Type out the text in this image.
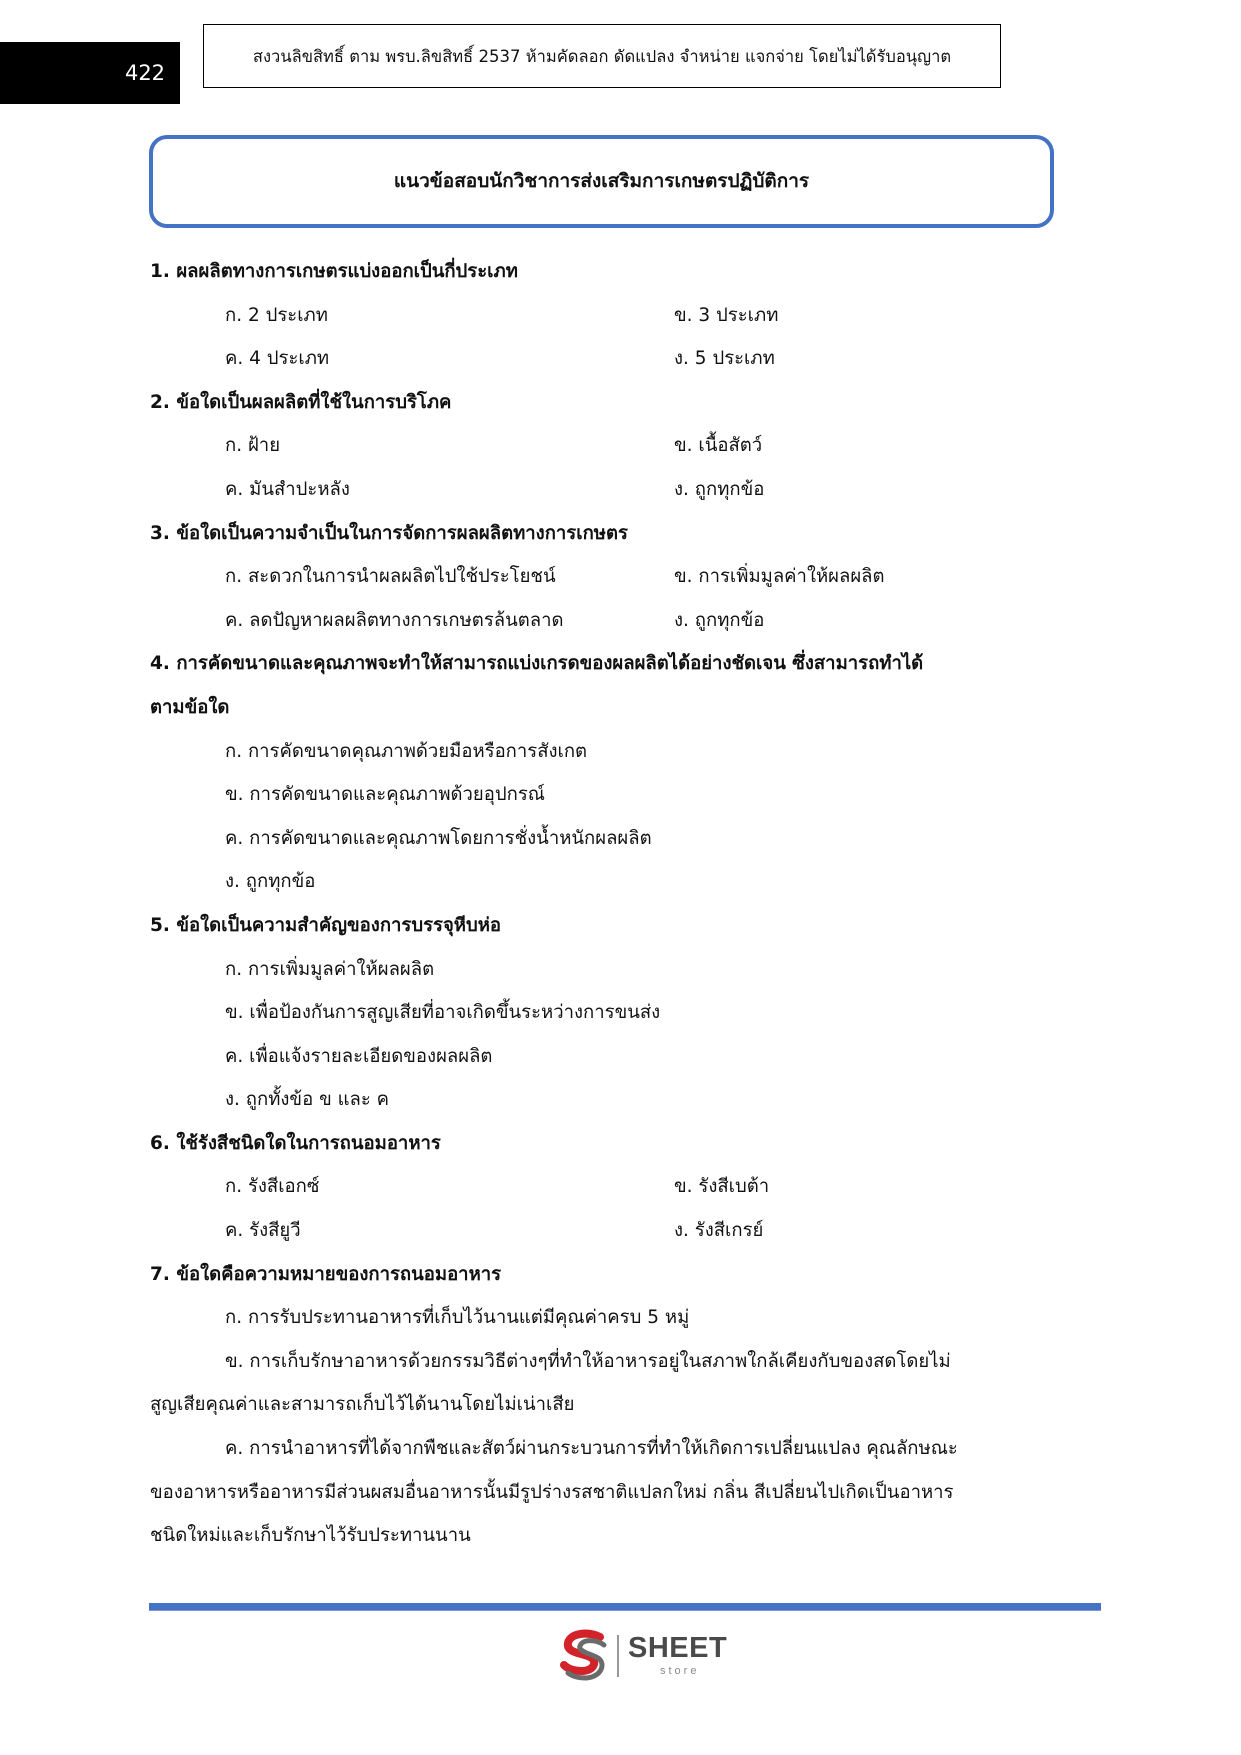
422
สงวนลิขสิทธิ์ ตาม พรบ.ลิขสิทธิ์ 2537 ห้ามคัดลอก ดัดแปลง จำหน่าย แจกจ่าย โดยไม่ได้รับอนุญาต
แนวข้อสอบนักวิชาการส่งเสริมการเกษตรปฏิบัติการ
1. ผลผลิตทางการเกษตรแบ่งออกเป็นกี่ประเภท
ก. 2 ประเภท	ข. 3 ประเภท
ค. 4 ประเภท	ง. 5 ประเภท
2. ข้อใดเป็นผลผลิตที่ใช้ในการบริโภค
ก. ฝ้าย	ข. เนื้อสัตว์
ค. มันสำปะหลัง	ง. ถูกทุกข้อ
3. ข้อใดเป็นความจำเป็นในการจัดการผลผลิตทางการเกษตร
ก. สะดวกในการนำผลผลิตไปใช้ประโยชน์	ข. การเพิ่มมูลค่าให้ผลผลิต
ค. ลดปัญหาผลผลิตทางการเกษตรล้นตลาด	ง. ถูกทุกข้อ
4. การคัดขนาดและคุณภาพจะทำให้สามารถแบ่งเกรดของผลผลิตได้อย่างชัดเจน ซึ่งสามารถทำได้
ตามข้อใด
ก. การคัดขนาดคุณภาพด้วยมือหรือการสังเกต
ข. การคัดขนาดและคุณภาพด้วยอุปกรณ์
ค. การคัดขนาดและคุณภาพโดยการชั่งน้ำหนักผลผลิต
ง. ถูกทุกข้อ
5. ข้อใดเป็นความสำคัญของการบรรจุหีบห่อ
ก. การเพิ่มมูลค่าให้ผลผลิต
ข. เพื่อป้องกันการสูญเสียที่อาจเกิดขึ้นระหว่างการขนส่ง
ค. เพื่อแจ้งรายละเอียดของผลผลิต
ง. ถูกทั้งข้อ ข และ ค
6. ใช้รังสีชนิดใดในการถนอมอาหาร
ก. รังสีเอกซ์	ข. รังสีเบต้า
ค. รังสียูวี	ง. รังสีเกรย์
7. ข้อใดคือความหมายของการถนอมอาหาร
ก. การรับประทานอาหารที่เก็บไว้นานแต่มีคุณค่าครบ 5 หมู่
ข. การเก็บรักษาอาหารด้วยกรรมวิธีต่างๆที่ทำให้อาหารอยู่ในสภาพใกล้เคียงกับของสดโดยไม่
สูญเสียคุณค่าและสามารถเก็บไว้ได้นานโดยไม่เน่าเสีย
ค. การนำอาหารที่ได้จากพืชและสัตว์ผ่านกระบวนการที่ทำให้เกิดการเปลี่ยนแปลง คุณลักษณะ
ของอาหารหรืออาหารมีส่วนผสมอื่นอาหารนั้นมีรูปร่างรสชาติแปลกใหม่ กลิ่น สีเปลี่ยนไปเกิดเป็นอาหาร
ชนิดใหม่และเก็บรักษาไว้รับประทานนาน
SHEET
store
